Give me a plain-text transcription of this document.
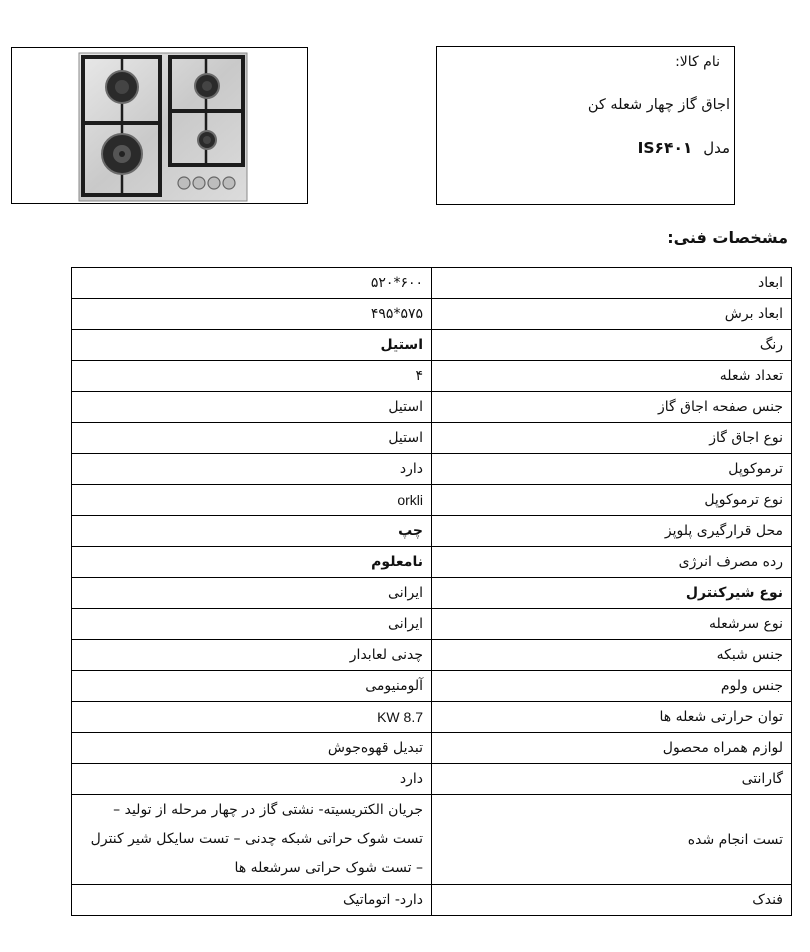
نام کالا:
اجاق گاز چهار شعله کن
مدل IS۶۴۰۱
مشخصات فنی:
ابعاد	۶۰۰*۵۲۰
ابعاد برش	۵۷۵*۴۹۵
رنگ	استیل
تعداد شعله	۴
جنس صفحه اجاق گاز	استیل
نوع اجاق گاز	استیل
ترموکوپل	دارد
نوع ترموکوپل	orkli
محل قرارگیری پلوپز	چپ
رده مصرف انرژی	نامعلوم
نوع شیرکنترل	ایرانی
نوع سرشعله	ایرانی
جنس شبکه	چدنی لعابدار
جنس ولوم	آلومنیومی
توان حرارتی شعله ها	8.7 KW
لوازم همراه محصول	تبدیل قهوه‌جوش
گارانتی	دارد
تست انجام شده	جریان الکتریسیته- نشتی گاز در چهار مرحله از تولید – تست شوک حراتی شبکه چدنی – تست سایکل شیر کنترل – تست شوک حراتی سرشعله ها
فندک	دارد- اتوماتیک
